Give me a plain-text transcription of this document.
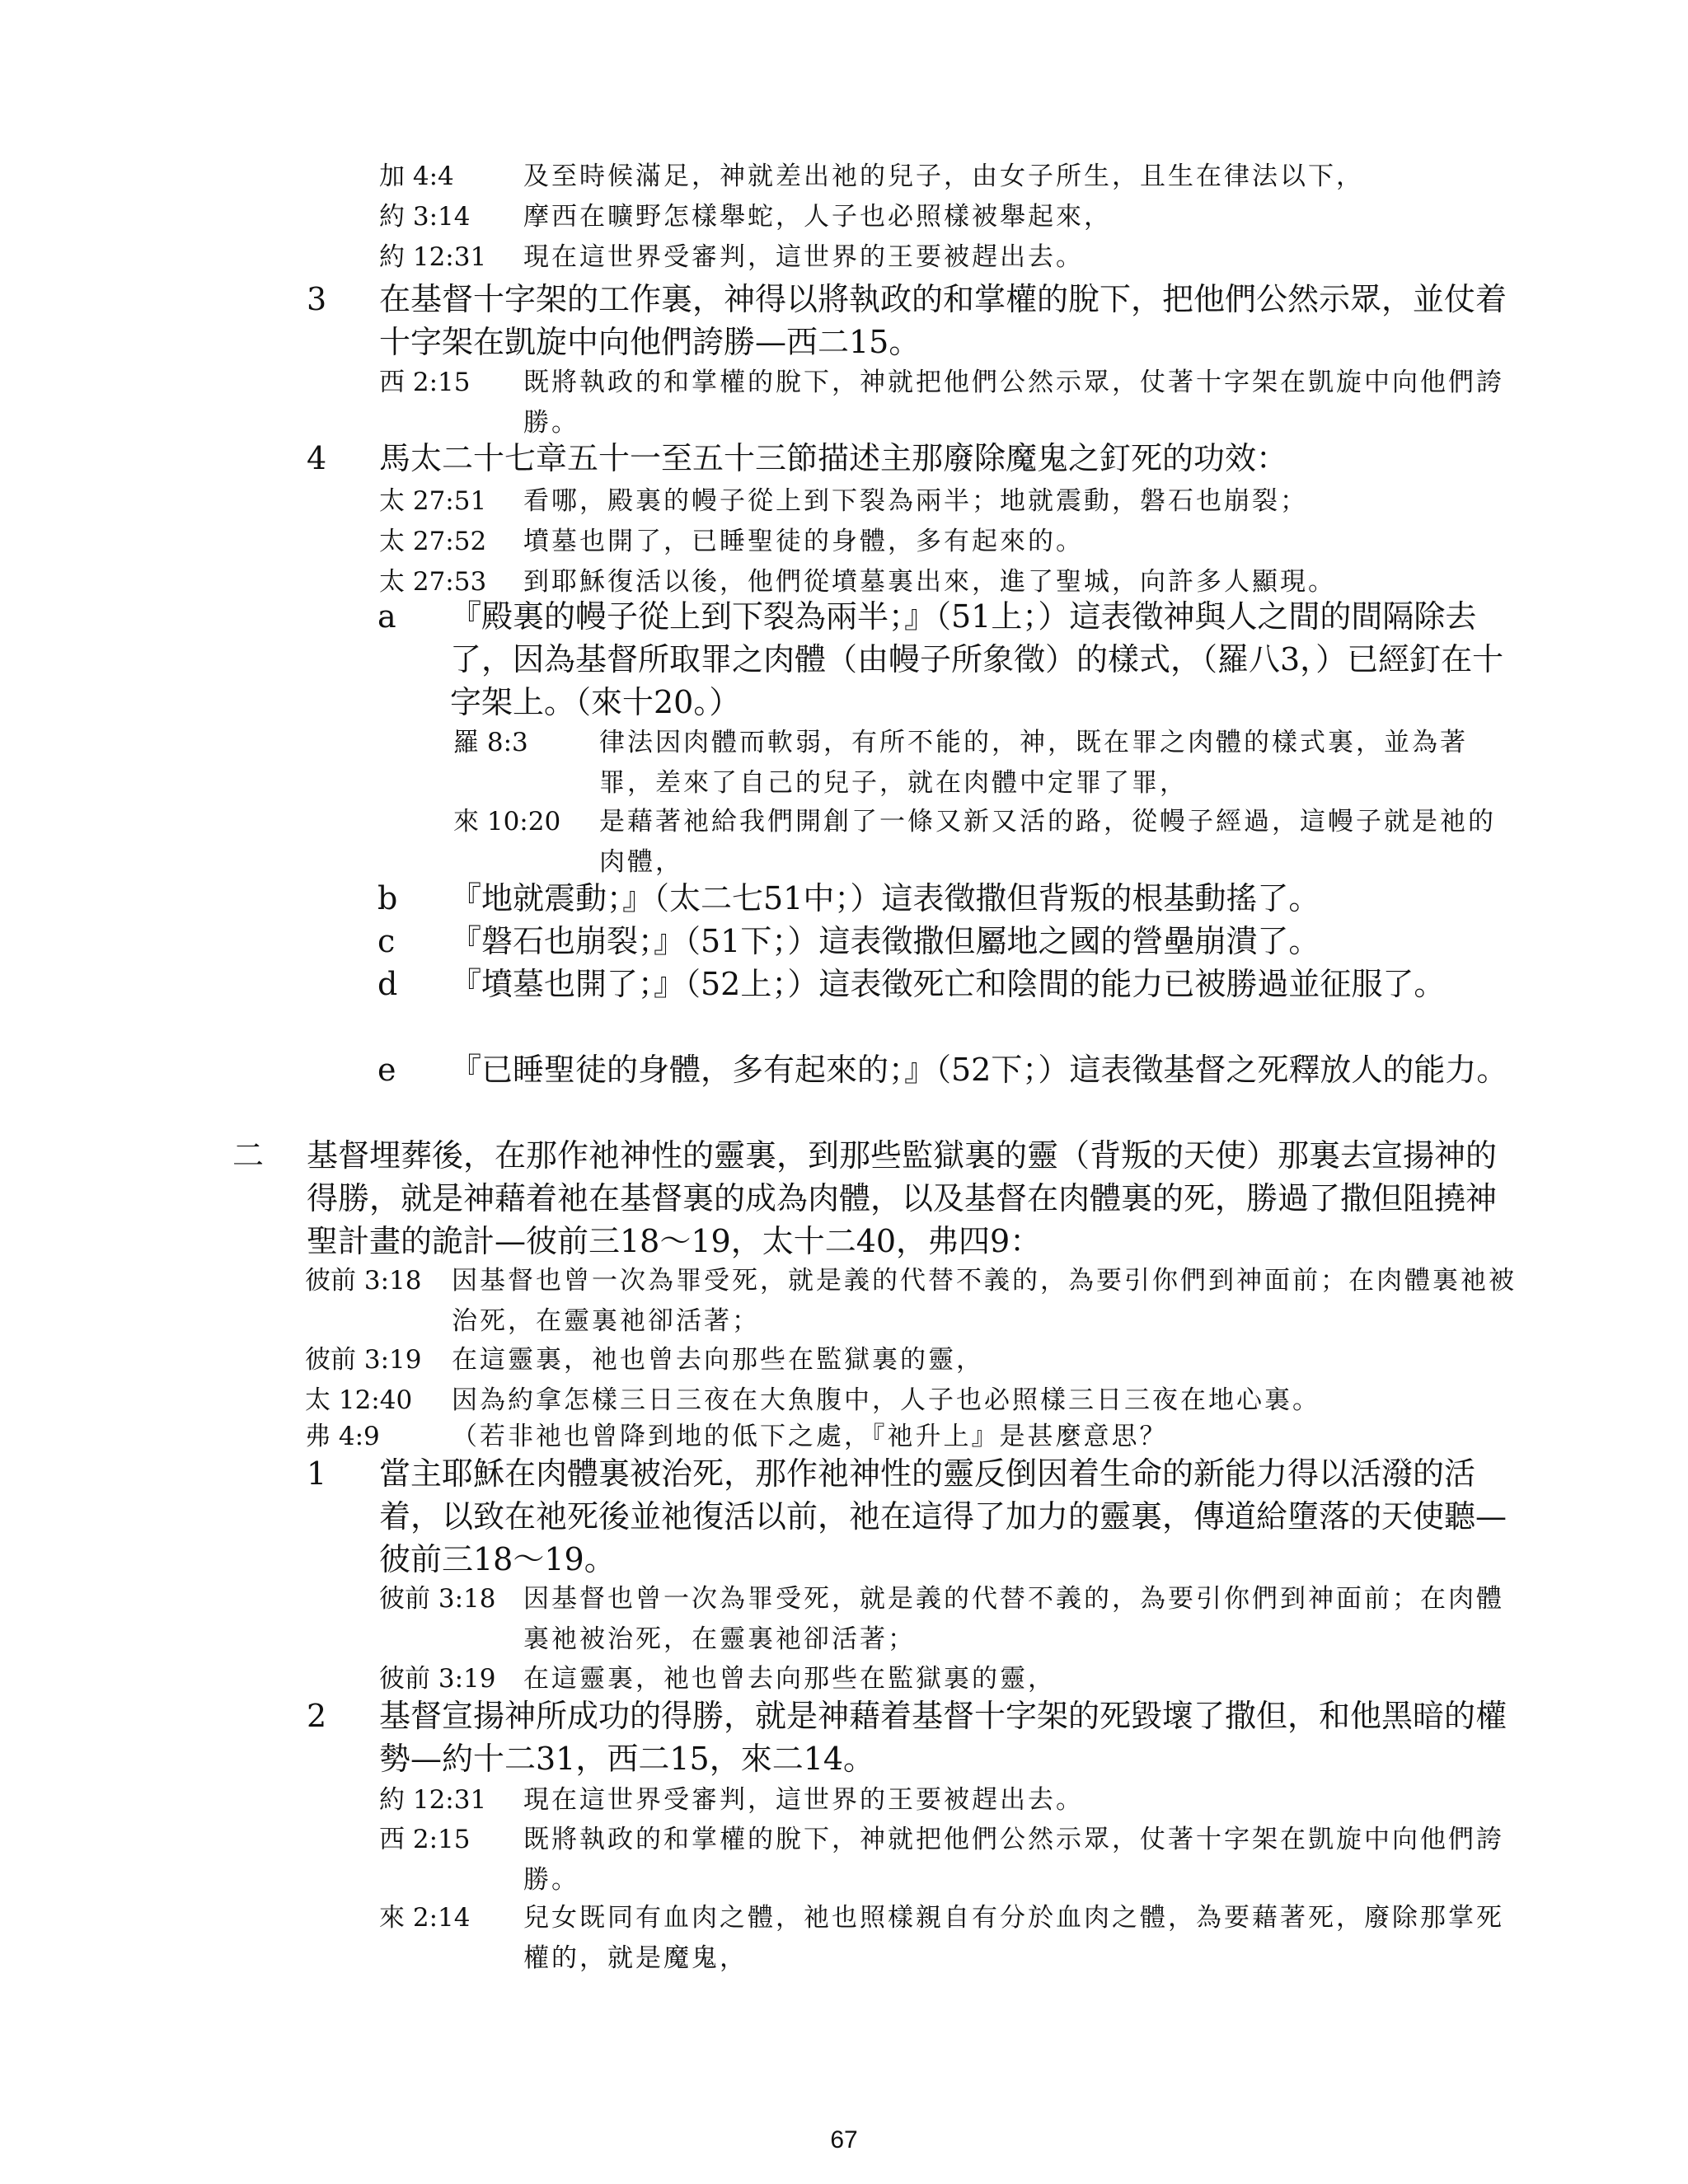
加 4:4	及至時候滿足，神就差出祂的兒子，由女子所生，且生在律法以下，
約 3:14 摩西在曠野怎樣舉蛇，人子也必照樣被舉起來，
約 12:31 現在這世界受審判，這世界的王要被趕出去。
3 在基督十字架的工作裏，神得以將執政的和掌權的脫下，把他們公然示眾，並仗着十字架在凱旋中向他們誇勝—西二15。
西 2:15 既將執政的和掌權的脫下，神就把他們公然示眾，仗著十字架在凱旋中向他們誇勝。
4 馬太二十七章五十一至五十三節描述主那廢除魔鬼之釘死的功效：
太 27:51 看哪，殿裏的幔子從上到下裂為兩半；地就震動，磐石也崩裂；
太 27:52 墳墓也開了，已睡聖徒的身體，多有起來的。
太 27:53 到耶穌復活以後，他們從墳墓裏出來，進了聖城，向許多人顯現。
a 『殿裏的幔子從上到下裂為兩半；』（51上；）這表徵神與人之間的間隔除去了，因為基督所取罪之肉體（由幔子所象徵）的樣式，（羅八3，）已經釘在十字架上。（來十20。）
羅 8:3	律法因肉體而軟弱，有所不能的，神，既在罪之肉體的樣式裏，並為著罪，差來了自己的兒子，就在肉體中定罪了罪，
來 10:20 是藉著祂給我們開創了一條又新又活的路，從幔子經過，這幔子就是祂的肉體，
b 『地就震動；』（太二七51中；）這表徵撒但背叛的根基動搖了。
c 『磐石也崩裂；』（51下；）這表徵撒但屬地之國的營壘崩潰了。
d 『墳墓也開了；』（52上；）這表徵死亡和陰間的能力已被勝過並征服了。
e 『已睡聖徒的身體，多有起來的；』（52下；）這表徵基督之死釋放人的能力。
二 基督埋葬後，在那作祂神性的靈裏，到那些監獄裏的靈（背叛的天使）那裏去宣揚神的得勝，就是神藉着祂在基督裏的成為肉體，以及基督在肉體裏的死，勝過了撒但阻撓神聖計畫的詭計—彼前三18～19，太十二40，弗四9：
彼前 3:18 因基督也曾一次為罪受死，就是義的代替不義的，為要引你們到神面前；在肉體裏祂被治死，在靈裏祂卻活著；
彼前 3:19 在這靈裏，祂也曾去向那些在監獄裏的靈，
太 12:40 因為約拿怎樣三日三夜在大魚腹中，人子也必照樣三日三夜在地心裏。
弗 4:9	（若非祂也曾降到地的低下之處，『祂升上』是甚麼意思？
1 當主耶穌在肉體裏被治死，那作祂神性的靈反倒因着生命的新能力得以活潑的活着，以致在祂死後並祂復活以前，祂在這得了加力的靈裏，傳道給墮落的天使聽—彼前三18～19。
彼前 3:18 因基督也曾一次為罪受死，就是義的代替不義的，為要引你們到神面前；在肉體裏祂被治死，在靈裏祂卻活著；
彼前 3:19 在這靈裏，祂也曾去向那些在監獄裏的靈，
2 基督宣揚神所成功的得勝，就是神藉着基督十字架的死毀壞了撒但，和他黑暗的權勢—約十二31，西二15，來二14。
約 12:31 現在這世界受審判，這世界的王要被趕出去。
西 2:15 既將執政的和掌權的脫下，神就把他們公然示眾，仗著十字架在凱旋中向他們誇勝。
來 2:14 兒女既同有血肉之體，祂也照樣親自有分於血肉之體，為要藉著死，廢除那掌死權的，就是魔鬼，
67
